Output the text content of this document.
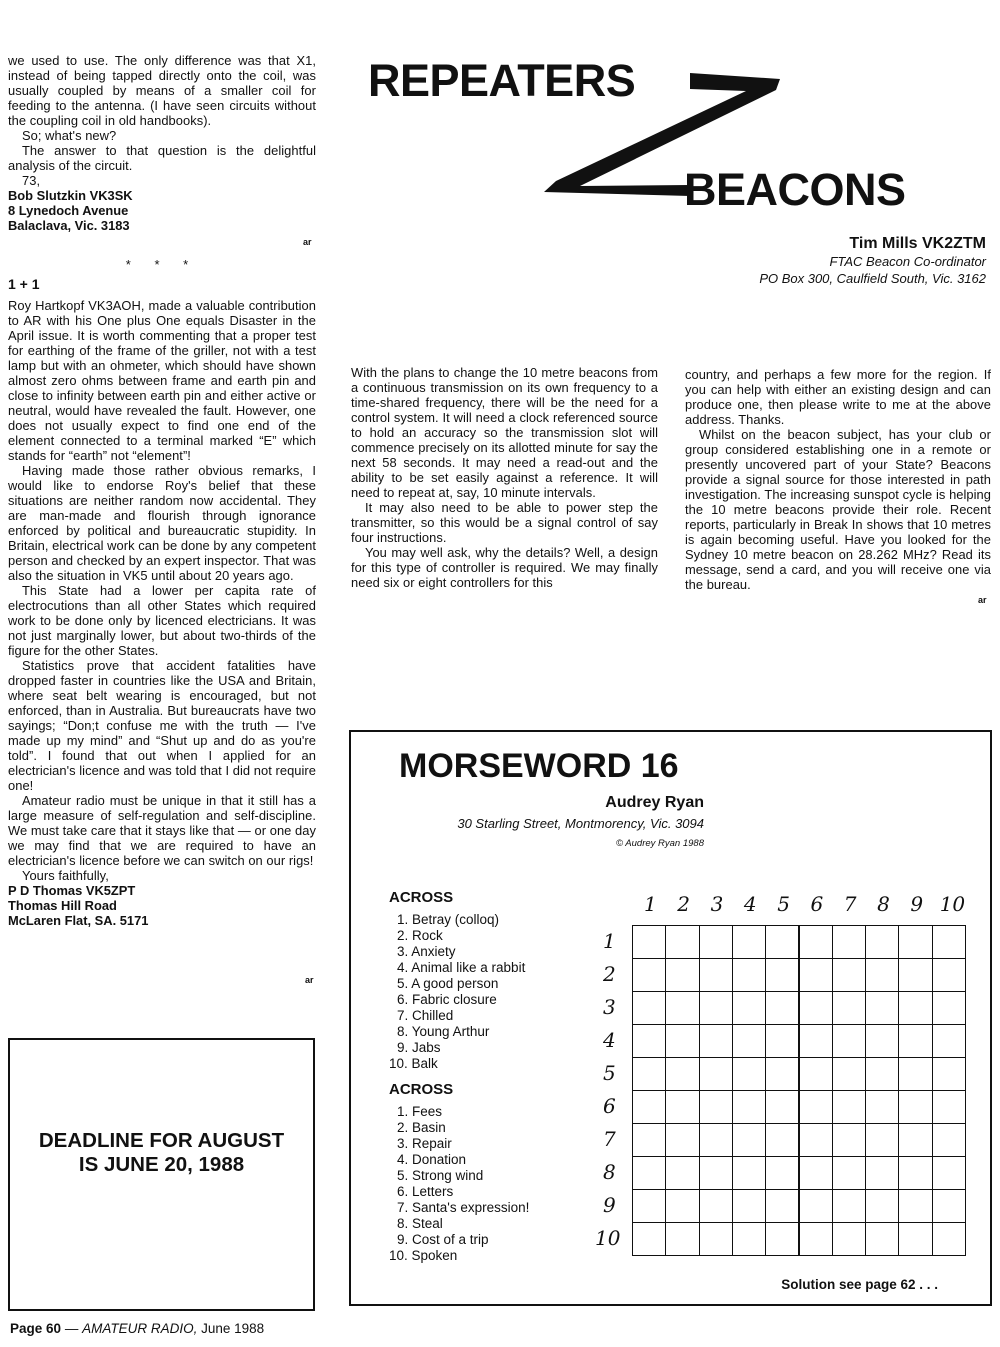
we used to use. The only difference was that X1, instead of being tapped directly onto the coil, was usually coupled by means of a smaller coil for feeding to the antenna. (I have seen circuits without the coupling coil in old handbooks).

So; what's new?

The answer to that question is the delightful analysis of the circuit.

73,

Bob Slutzkin VK3SK

8 Lynedoch Avenue

Balaclava, Vic. 3183

ar
* * *
1 + 1

Roy Hartkopf VK3AOH, made a valuable contribution to AR with his One plus One equals Disaster in the April issue. It is worth commenting that a proper test for earthing of the frame of the griller, not with a test lamp but with an ohmeter, which should have shown almost zero ohms between frame and earth pin and close to infinity between earth pin and either active or neutral, would have revealed the fault. However, one does not usually expect to find one end of the element connected to a terminal marked “E” which stands for “earth” not “element”!

Having made those rather obvious remarks, I would like to endorse Roy's belief that these situations are neither random now accidental. They are man-made and flourish through ignorance enforced by political and bureaucratic stupidity. In Britain, electrical work can be done by any competent person and checked by an expert inspector. That was also the situation in VK5 until about 20 years ago.

This State had a lower per capita rate of electrocutions than all other States which required work to be done only by licenced electricians. It was not just marginally lower, but about two-thirds of the figure for the other States.

Statistics prove that accident fatalities have dropped faster in countries like the USA and Britain, where seat belt wearing is encouraged, but not enforced, than in Australia. But bureaucrats have two sayings; “Don;t confuse me with the truth — I've made up my mind” and “Shut up and do as you're told”. I found that out when I applied for an electrician's licence and was told that I did not require one!

Amateur radio must be unique in that it still has a large measure of self-regulation and self-discipline. We must take care that it stays like that — or one day we may find that we are required to have an electrician's licence before we can switch on our rigs!

Yours faithfully,

P D Thomas VK5ZPT

Thomas Hill Road

McLaren Flat, SA. 5171

ar
DEADLINE FOR AUGUST
IS JUNE 20, 1988
REPEATERS
BEACONS
Tim Mills VK2ZTM
FTAC Beacon Co-ordinator
PO Box 300, Caulfield South, Vic. 3162

With the plans to change the 10 metre beacons from a continuous transmission on its own frequency to a time-shared frequency, there will be the need for a control system. It will need a clock referenced source to hold an accuracy so the transmission slot will commence precisely on its allotted minute for say the next 58 seconds. It may need a read-out and the ability to be set easily against a reference. It will need to repeat at, say, 10 minute intervals.

It may also need to be able to power step the transmitter, so this would be a signal control of say four instructions.

You may well ask, why the details? Well, a design for this type of controller is required. We may finally need six or eight controllers for this

country, and perhaps a few more for the region. If you can help with either an existing design and can produce one, then please write to me at the above address. Thanks.

Whilst on the beacon subject, has your club or group considered establishing one in a remote or presently uncovered part of your State? Beacons provide a signal source for those interested in path investigation. The increasing sunspot cycle is helping the 10 metre beacons provide their role. Recent reports, particularly in Break In shows that 10 metres is again becoming useful. Have you looked for the Sydney 10 metre beacon on 28.262 MHz? Read its message, send a card, and you will receive one via the bureau.

ar
MORSEWORD 16
Audrey Ryan
30 Starling Street, Montmorency, Vic. 3094
© Audrey Ryan 1988
ACROSS

1. Betray (colloq)

2. Rock

3. Anxiety

4. Animal like a rabbit

5. A good person

6. Fabric closure

7. Chilled

8. Young Arthur

9. Jabs

10. Balk

ACROSS

1. Fees

2. Basin

3. Repair

4. Donation

5. Strong wind

6. Letters

7. Santa's expression!

8. Steal

9. Cost of a trip

10. Spoken

1 2 3 4 5 6 7 8 9 10
1
2
3
4
5
6
7
8
9
10
Solution see page 62 . . .
Page 60 — AMATEUR RADIO, June 1988
